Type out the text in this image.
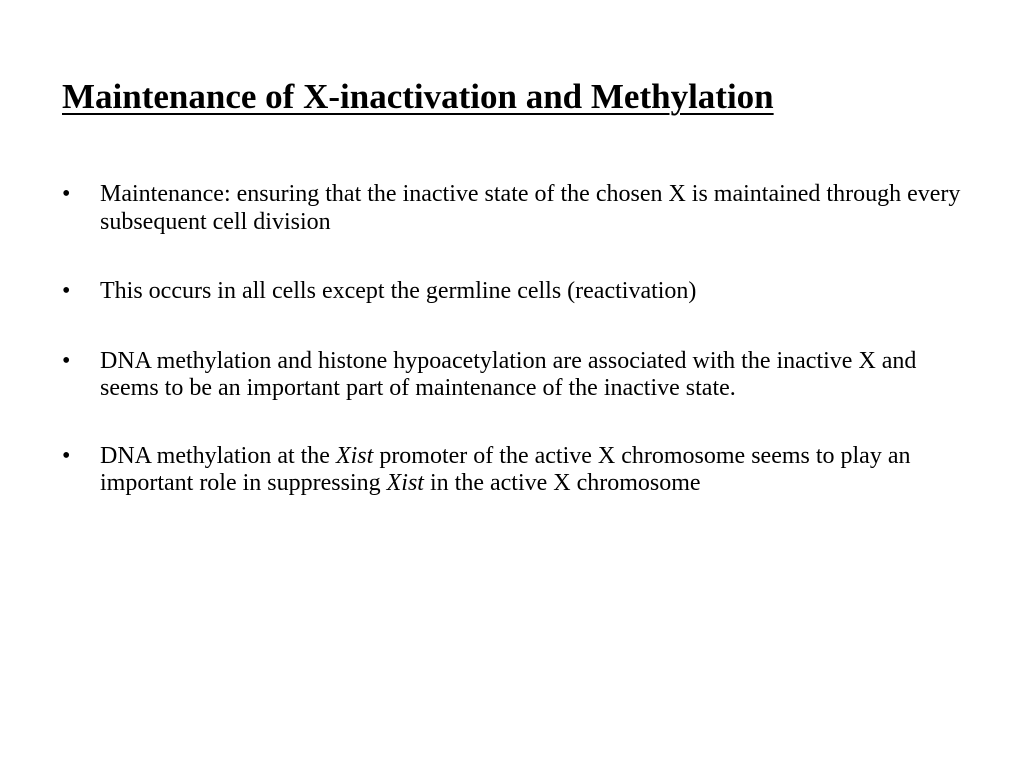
Maintenance of X-inactivation and Methylation
• Maintenance: ensuring that the inactive state of the chosen X is maintained through every subsequent cell division
• This occurs in all cells except the germline cells (reactivation)
• DNA methylation and histone hypoacetylation are associated with the inactive X and seems to be an important part of maintenance of the inactive state.
• DNA methylation at the Xist promoter of the active X chromosome seems to play an important role in suppressing Xist in the active X chromosome
